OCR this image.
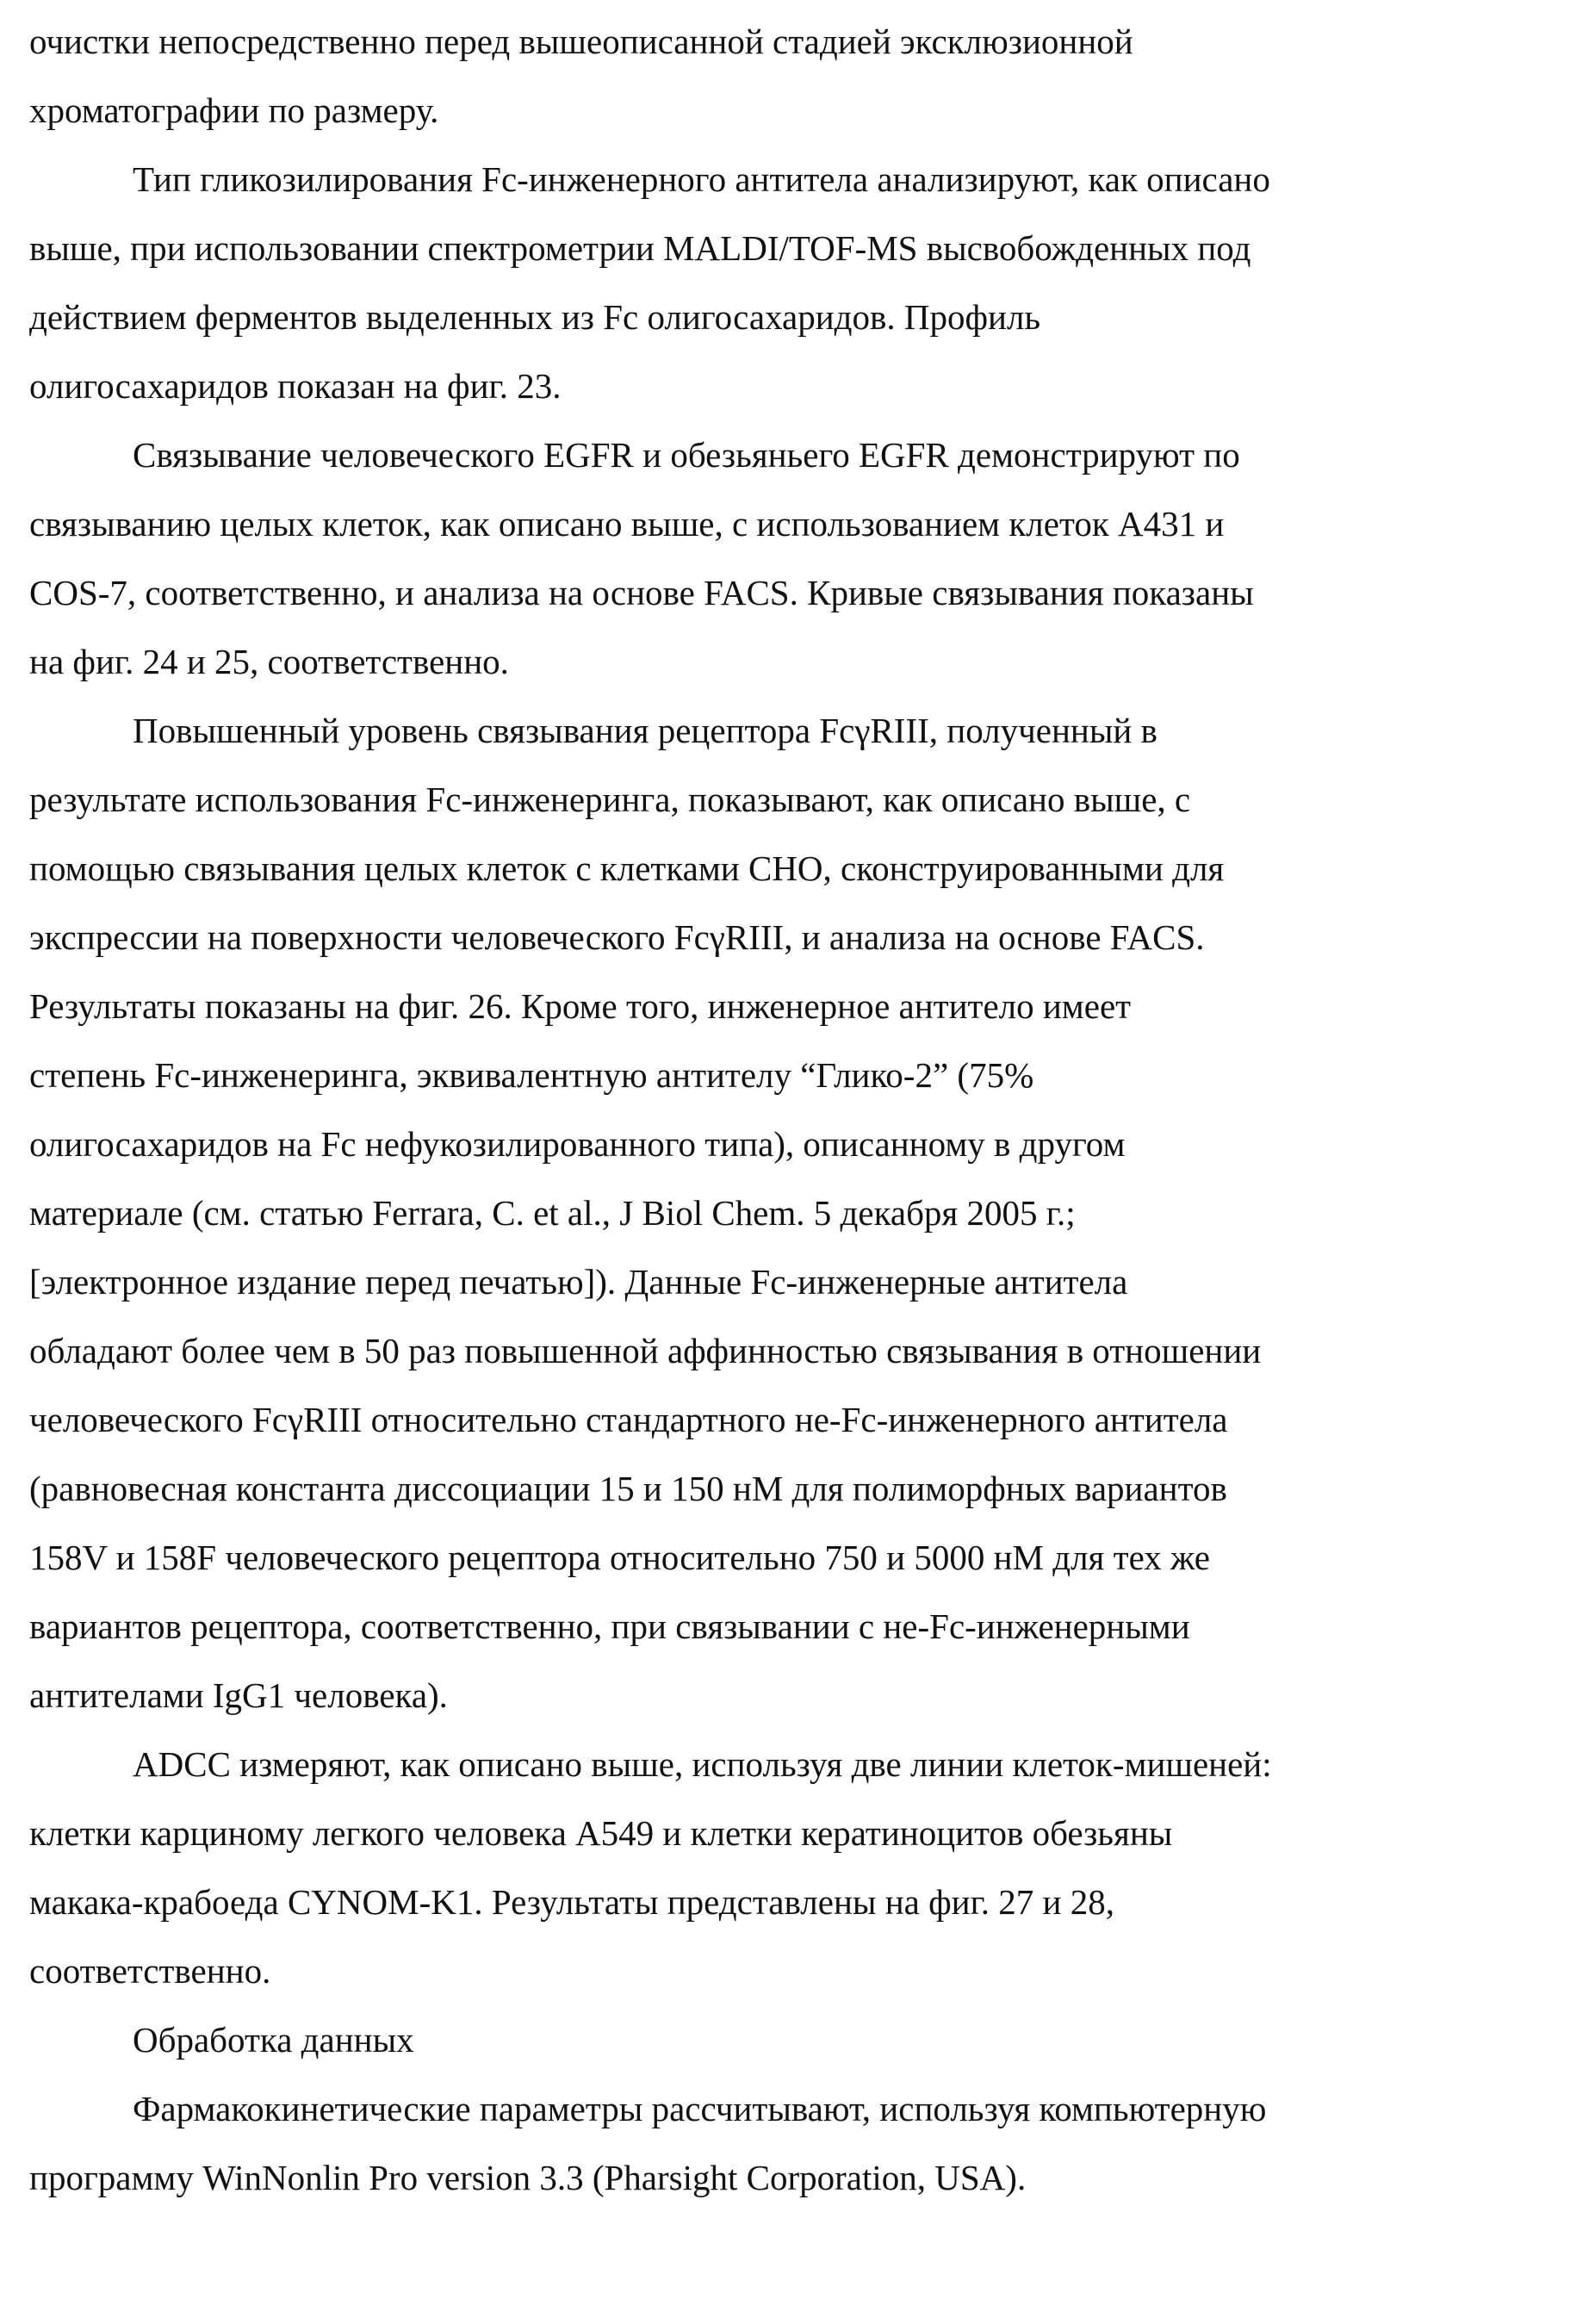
очистки непосредственно перед вышеописанной стадией эксклюзионной
хроматографии по размеру.
Тип гликозилирования Fc-инженерного антитела анализируют, как описано
выше, при использовании спектрометрии MALDI/TOF-MS высвобожденных под
действием ферментов выделенных из Fc олигосахаридов. Профиль
олигосахаридов показан на фиг. 23.
Связывание человеческого EGFR и обезьяньего EGFR демонстрируют по
связыванию целых клеток, как описано выше, с использованием клеток A431 и
COS-7, соответственно, и анализа на основе FACS. Кривые связывания показаны
на фиг. 24 и 25, соответственно.
Повышенный уровень связывания рецептора FcγRIII, полученный в
результате использования Fc-инженеринга, показывают, как описано выше, с
помощью связывания целых клеток с клетками CHO, сконструированными для
экспрессии на поверхности человеческого FcγRIII, и анализа на основе FACS.
Результаты показаны на фиг. 26. Кроме того, инженерное антитело имеет
степень Fc-инженеринга, эквивалентную антителу “Глико-2” (75%
олигосахаридов на Fc нефукозилированного типа), описанному в другом
материале (см. статью Ferrara, C. et al., J Biol Chem. 5 декабря 2005 г.;
[электронное издание перед печатью]). Данные Fc-инженерные антитела
обладают более чем в 50 раз повышенной аффинностью связывания в отношении
человеческого FcγRIII относительно стандартного не-Fc-инженерного антитела
(равновесная константа диссоциации 15 и 150 нМ для полиморфных вариантов
158V и 158F человеческого рецептора относительно 750 и 5000 нМ для тех же
вариантов рецептора, соответственно, при связывании с не-Fc-инженерными
антителами IgG1 человека).
ADCC измеряют, как описано выше, используя две линии клеток-мишеней:
клетки карциному легкого человека A549 и клетки кератиноцитов обезьяны
макака-крабоеда CYNOM-K1. Результаты представлены на фиг. 27 и 28,
соответственно.
Обработка данных
Фармакокинетические параметры рассчитывают, используя компьютерную
программу WinNonlin Pro version 3.3 (Pharsight Corporation, USA).
